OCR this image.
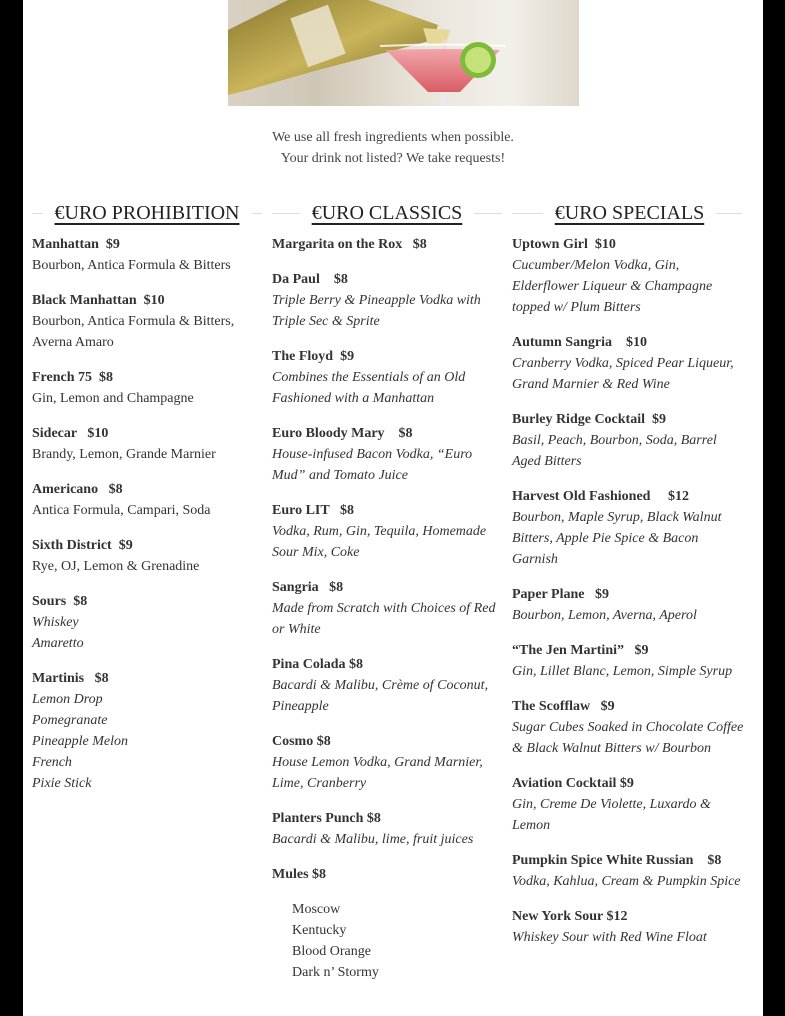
We use all fresh ingredients when possible.
Your drink not listed? We take requests!
€URO PROHIBITION
Manhattan  $9
Bourbon, Antica Formula & Bitters
Black Manhattan  $10
Bourbon, Antica Formula & Bitters, Averna Amaro
French 75  $8
Gin, Lemon and Champagne
Sidecar   $10
Brandy, Lemon, Grande Marnier
Americano   $8
Antica Formula, Campari, Soda
Sixth District  $9
Rye, OJ, Lemon & Grenadine
Sours  $8
Whiskey
Amaretto
Martinis   $8
Lemon Drop
Pomegranate
Pineapple Melon
French
Pixie Stick
€URO CLASSICS
Margarita on the Rox   $8
Da Paul    $8
Triple Berry & Pineapple Vodka with Triple Sec & Sprite
The Floyd  $9
Combines the Essentials of an Old Fashioned with a Manhattan
Euro Bloody Mary    $8
House-infused Bacon Vodka, “Euro Mud” and Tomato Juice
Euro LIT   $8
Vodka, Rum, Gin, Tequila, Homemade Sour Mix, Coke
Sangria   $8
Made from Scratch with Choices of Red or White
Pina Colada $8
Bacardi & Malibu, Crème of Coconut, Pineapple
Cosmo $8
House Lemon Vodka, Grand Marnier, Lime, Cranberry
Planters Punch $8
Bacardi & Malibu, lime, fruit juices
Mules $8
Moscow
Kentucky
Blood Orange
Dark n’ Stormy
€URO SPECIALS
Uptown Girl  $10
Cucumber/Melon Vodka, Gin, Elderflower Liqueur & Champagne topped w/ Plum Bitters
Autumn Sangria    $10
Cranberry Vodka, Spiced Pear Liqueur, Grand Marnier & Red Wine
Burley Ridge Cocktail  $9
Basil, Peach, Bourbon, Soda, Barrel Aged Bitters
Harvest Old Fashioned     $12
Bourbon, Maple Syrup, Black Walnut Bitters, Apple Pie Spice & Bacon Garnish
Paper Plane   $9
Bourbon, Lemon, Averna, Aperol
“The Jen Martini”   $9
Gin, Lillet Blanc, Lemon, Simple Syrup
The Scofflaw   $9
Sugar Cubes Soaked in Chocolate Coffee & Black Walnut Bitters w/ Bourbon
Aviation Cocktail $9
Gin, Creme De Violette, Luxardo & Lemon
Pumpkin Spice White Russian    $8
Vodka, Kahlua, Cream & Pumpkin Spice
New York Sour $12
Whiskey Sour with Red Wine Float
